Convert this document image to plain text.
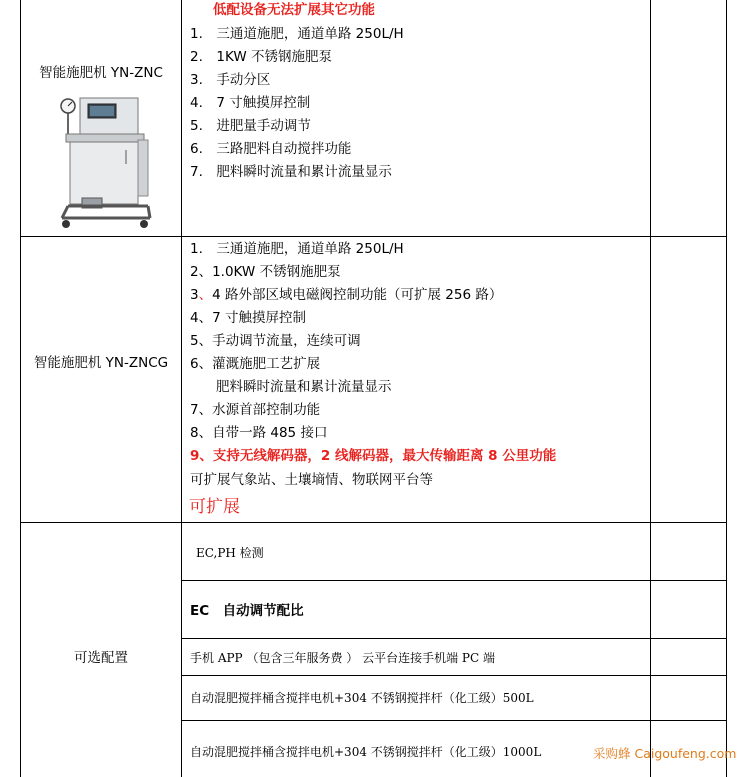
智能施肥机 YN-ZNC
低配设备无法扩展其它功能
1.　三通道施肥，通道单路 250L/H
2.　1KW 不锈钢施肥泵
3.　手动分区
4.　7 寸触摸屏控制
5.　进肥量手动调节
6.　三路肥料自动搅拌功能
7.　肥料瞬时流量和累计流量显示
智能施肥机 YN-ZNCG
1.　三通道施肥，通道单路 250L/H
2、1.0KW 不锈钢施肥泵
3、4 路外部区域电磁阀控制功能（可扩展 256 路）
4、7 寸触摸屏控制
5、手动调节流量，连续可调
6、灌溉施肥工艺扩展
肥料瞬时流量和累计流量显示
7、水源首部控制功能
8、自带一路 485 接口
9、支持无线解码器，2 线解码器，最大传输距离 8 公里功能
可扩展气象站、土壤墒情、物联网平台等
可扩展
可选配置
EC,PH 检测
EC　自动调节配比
手机 APP （包含三年服务费 ） 云平台连接手机端 PC 端
自动混肥搅拌桶含搅拌电机+304 不锈钢搅拌杆（化工级）500L
自动混肥搅拌桶含搅拌电机+304 不锈钢搅拌杆（化工级）1000L	采购蜂 Caigoufeng.com
